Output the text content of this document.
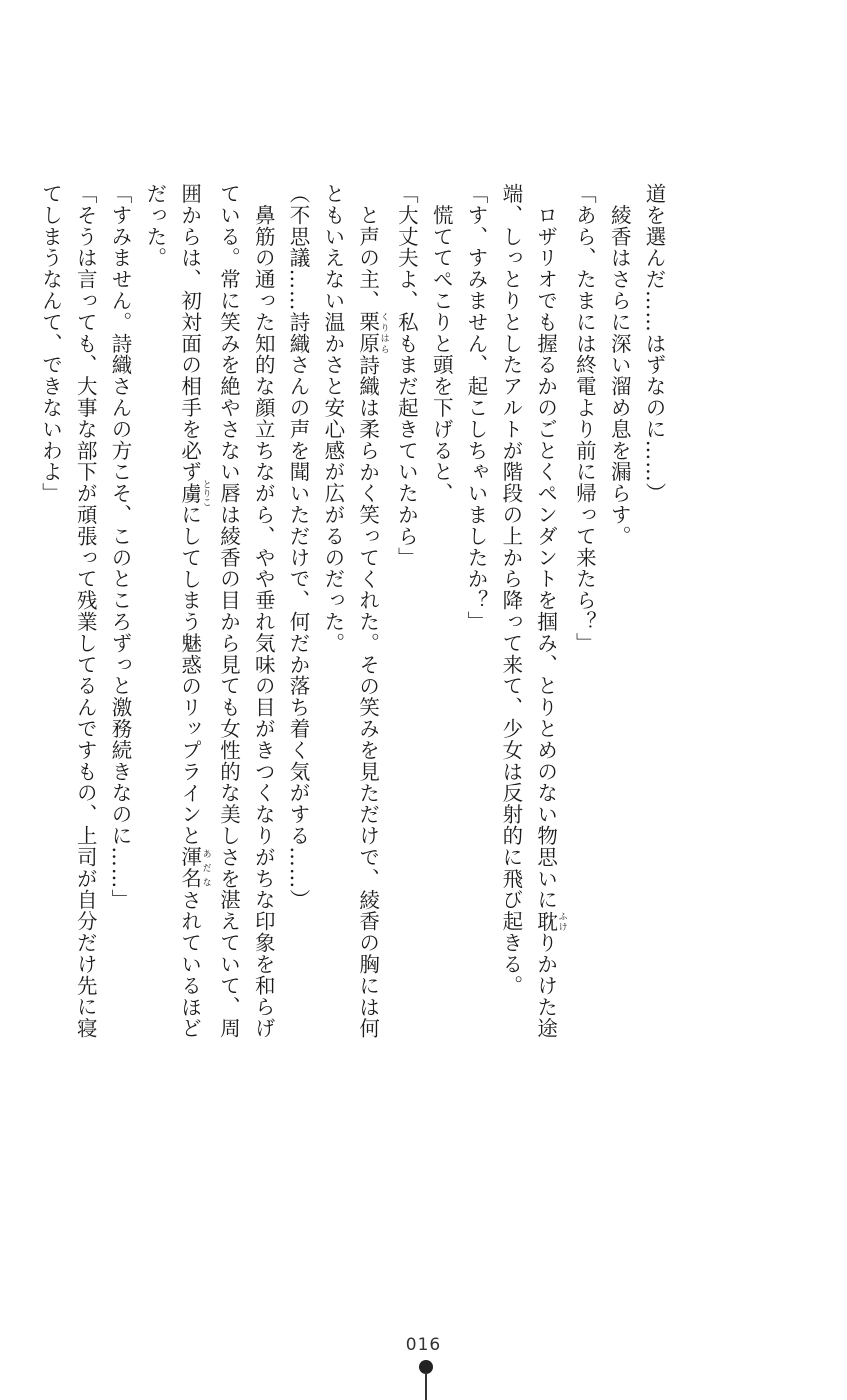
道を選んだ……はずなのに……）
　綾香はさらに深い溜め息を漏らす。
「あら、たまには終電より前に帰って来たら？」
　ロザリオでも握るかのごとくペンダントを掴み、とりとめのない物思いに耽 ふけりかけた途
端、しっとりとしたアルトが階段の上から降って来て、少女は反射的に飛び起きる。
「す、すみません、起こしちゃいましたか？」
　慌ててぺこりと頭を下げると、
「大丈夫よ、私もまだ起きていたから」
　と声の主、栗原 くりはら詩織は柔らかく笑ってくれた。その笑みを見ただけで、綾香の胸には何
ともいえない温かさと安心感が広がるのだった。
（不思議……詩織さんの声を聞いただけで、何だか落ち着く気がする……）
　鼻筋の通った知的な顔立ちながら、やや垂れ気味の目がきつくなりがちな印象を和らげ
ている。常に笑みを絶やさない唇は綾香の目から見ても女性的な美しさを湛えていて、周
囲からは、初対面の相手を必ず虜 とりこにしてしまう魅惑のリップラインと渾名 あだなされているほど
だった。
「すみません。詩織さんの方こそ、このところずっと激務続きなのに……」
「そうは言っても、大事な部下が頑張って残業してるんですもの、上司が自分だけ先に寝
てしまうなんて、できないわよ」
016
